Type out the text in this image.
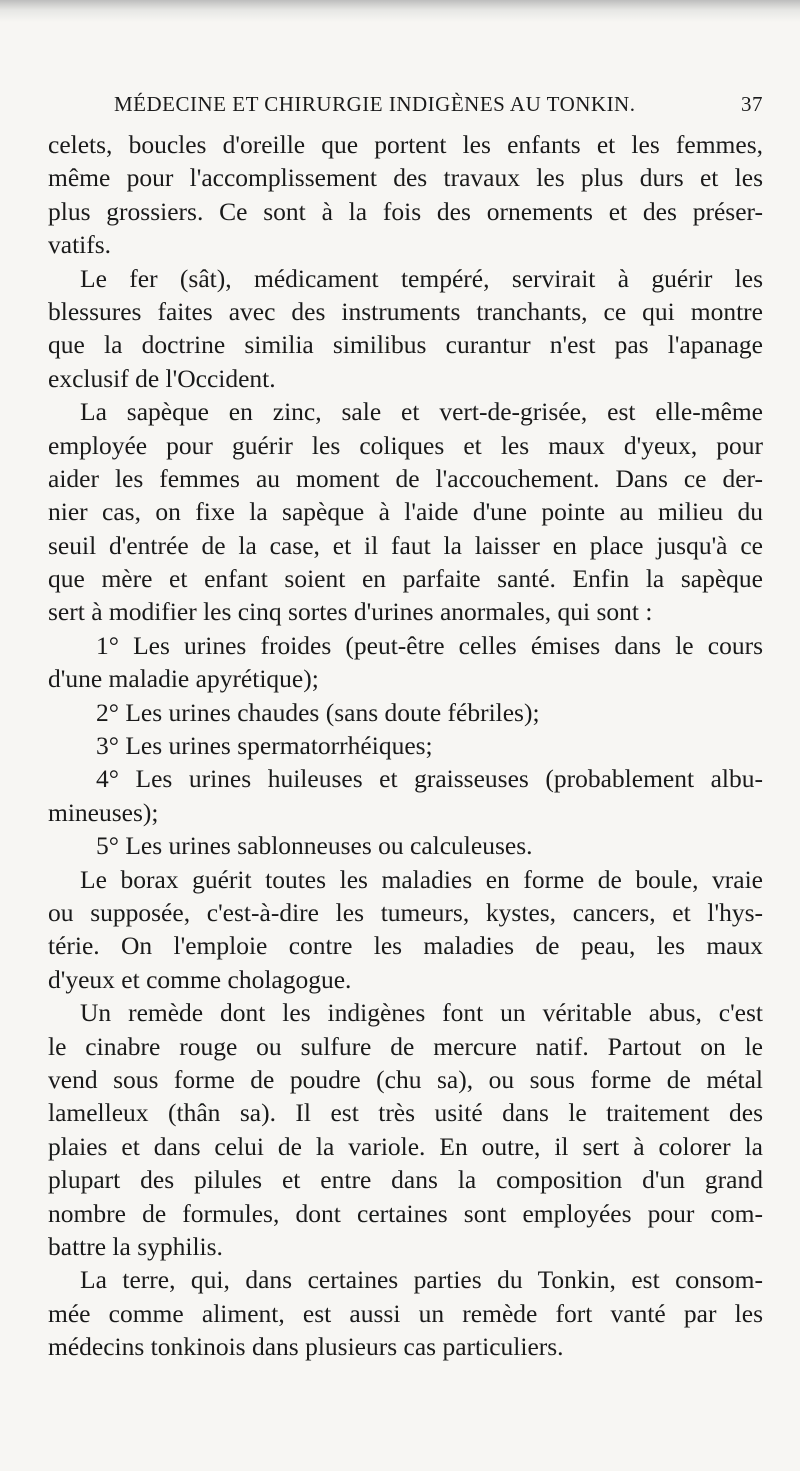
MÉDECINE ET CHIRURGIE INDIGÈNES AU TONKIN.	37
celets, boucles d'oreille que portent les enfants et les femmes,
même pour l'accomplissement des travaux les plus durs et les
plus grossiers. Ce sont à la fois des ornements et des préser-
vatifs.
Le fer (sât), médicament tempéré, servirait à guérir les
blessures faites avec des instruments tranchants, ce qui montre
que la doctrine similia similibus curantur n'est pas l'apanage
exclusif de l'Occident.
La sapèque en zinc, sale et vert-de-grisée, est elle-même
employée pour guérir les coliques et les maux d'yeux, pour
aider les femmes au moment de l'accouchement. Dans ce der-
nier cas, on fixe la sapèque à l'aide d'une pointe au milieu du
seuil d'entrée de la case, et il faut la laisser en place jusqu'à ce
que mère et enfant soient en parfaite santé. Enfin la sapèque
sert à modifier les cinq sortes d'urines anormales, qui sont :
1° Les urines froides (peut-être celles émises dans le cours
d'une maladie apyrétique);
2° Les urines chaudes (sans doute fébriles);
3° Les urines spermatorrhéiques;
4° Les urines huileuses et graisseuses (probablement albu-
mineuses);
5° Les urines sablonneuses ou calculeuses.
Le borax guérit toutes les maladies en forme de boule, vraie
ou supposée, c'est-à-dire les tumeurs, kystes, cancers, et l'hys-
térie. On l'emploie contre les maladies de peau, les maux
d'yeux et comme cholagogue.
Un remède dont les indigènes font un véritable abus, c'est
le cinabre rouge ou sulfure de mercure natif. Partout on le
vend sous forme de poudre (chu sa), ou sous forme de métal
lamelleux (thân sa). Il est très usité dans le traitement des
plaies et dans celui de la variole. En outre, il sert à colorer la
plupart des pilules et entre dans la composition d'un grand
nombre de formules, dont certaines sont employées pour com-
battre la syphilis.
La terre, qui, dans certaines parties du Tonkin, est consom-
mée comme aliment, est aussi un remède fort vanté par les
médecins tonkinois dans plusieurs cas particuliers.
